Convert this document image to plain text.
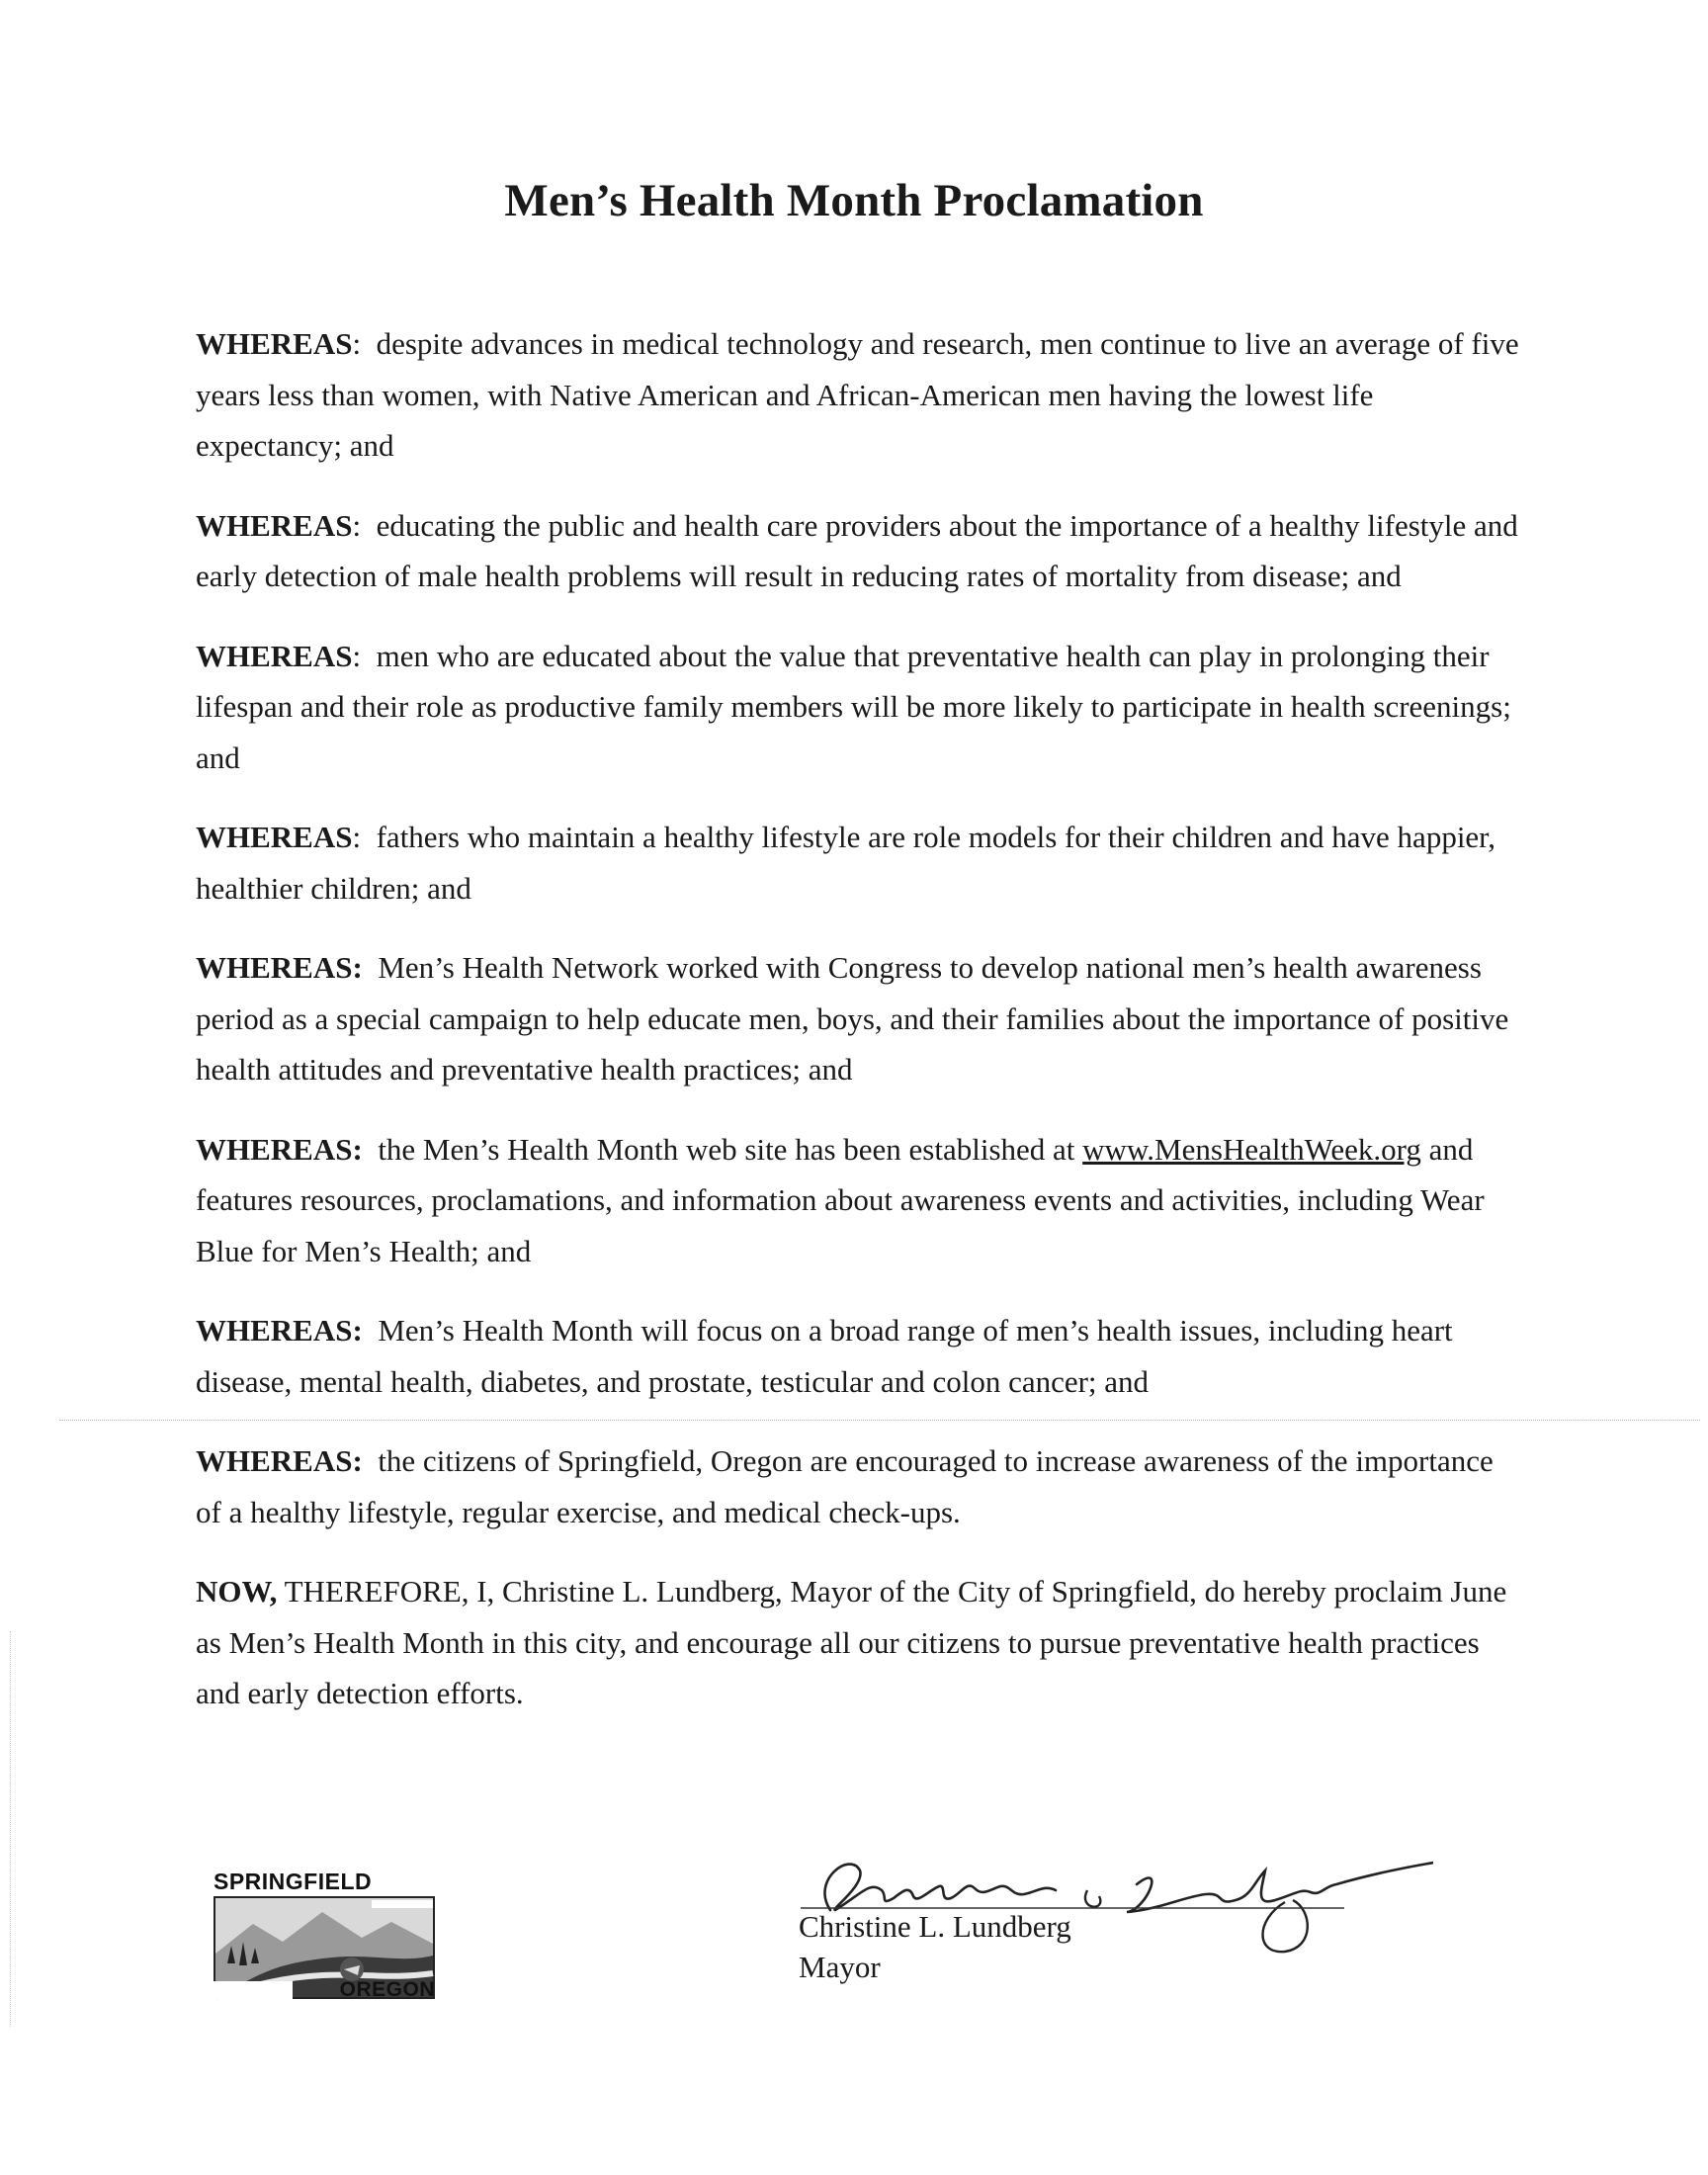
Men’s Health Month Proclamation

WHEREAS:  despite advances in medical technology and research, men continue to live an average of five years less than women, with Native American and African-American men having the lowest life expectancy; and

WHEREAS:  educating the public and health care providers about the importance of a healthy lifestyle and early detection of male health problems will result in reducing rates of mortality from disease; and

WHEREAS:  men who are educated about the value that preventative health can play in prolonging their lifespan and their role as productive family members will be more likely to participate in health screenings; and

WHEREAS:  fathers who maintain a healthy lifestyle are role models for their children and have happier, healthier children; and

WHEREAS: Men’s Health Network worked with Congress to develop national men’s health awareness period as a special campaign to help educate men, boys, and their families about the importance of positive health attitudes and preventative health practices; and

WHEREAS: the Men’s Health Month web site has been established at www.MensHealthWeek.org and features resources, proclamations, and information about awareness events and activities, including Wear Blue for Men’s Health; and

WHEREAS: Men’s Health Month will focus on a broad range of men’s health issues, including heart disease, mental health, diabetes, and prostate, testicular and colon cancer; and

WHEREAS: the citizens of Springfield, Oregon are encouraged to increase awareness of the importance of a healthy lifestyle, regular exercise, and medical check-ups.

NOW, THEREFORE, I, Christine L. Lundberg, Mayor of the City of Springfield, do hereby proclaim June as Men’s Health Month in this city, and encourage all our citizens to pursue preventative health practices and early detection efforts.

SPRINGFIELD
OREGON
Christine L. Lundberg
Mayor
